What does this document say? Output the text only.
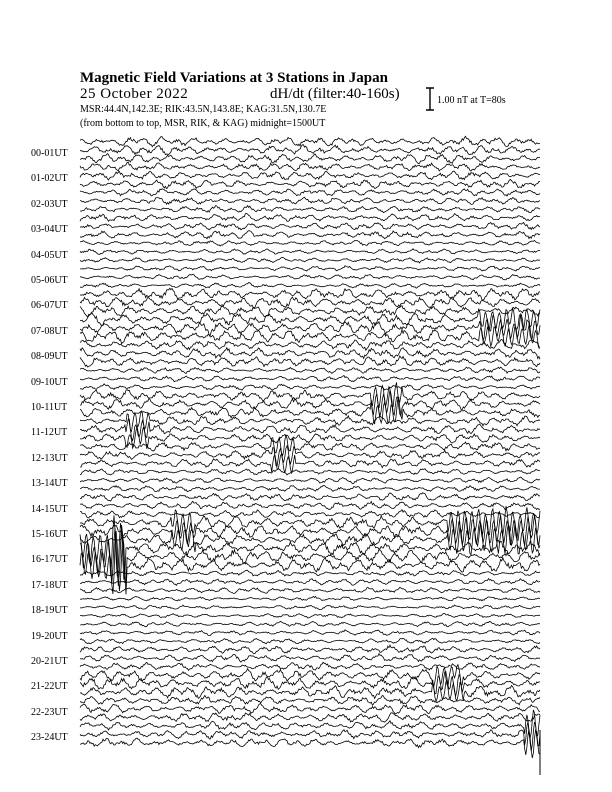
Magnetic Field Variations at 3 Stations in Japan
25 October 2022	dH/dt (filter:40-160s)
MSR:44.4N,142.3E; RIK:43.5N,143.8E; KAG:31.5N,130.7E
(from bottom to top, MSR, RIK, & KAG) midnight=1500UT
1.00 nT at T=80s
00-01UT
01-02UT
02-03UT
03-04UT
04-05UT
05-06UT
06-07UT
07-08UT
08-09UT
09-10UT
10-11UT
11-12UT
12-13UT
13-14UT
14-15UT
15-16UT
16-17UT
17-18UT
18-19UT
19-20UT
20-21UT
21-22UT
22-23UT
23-24UT
